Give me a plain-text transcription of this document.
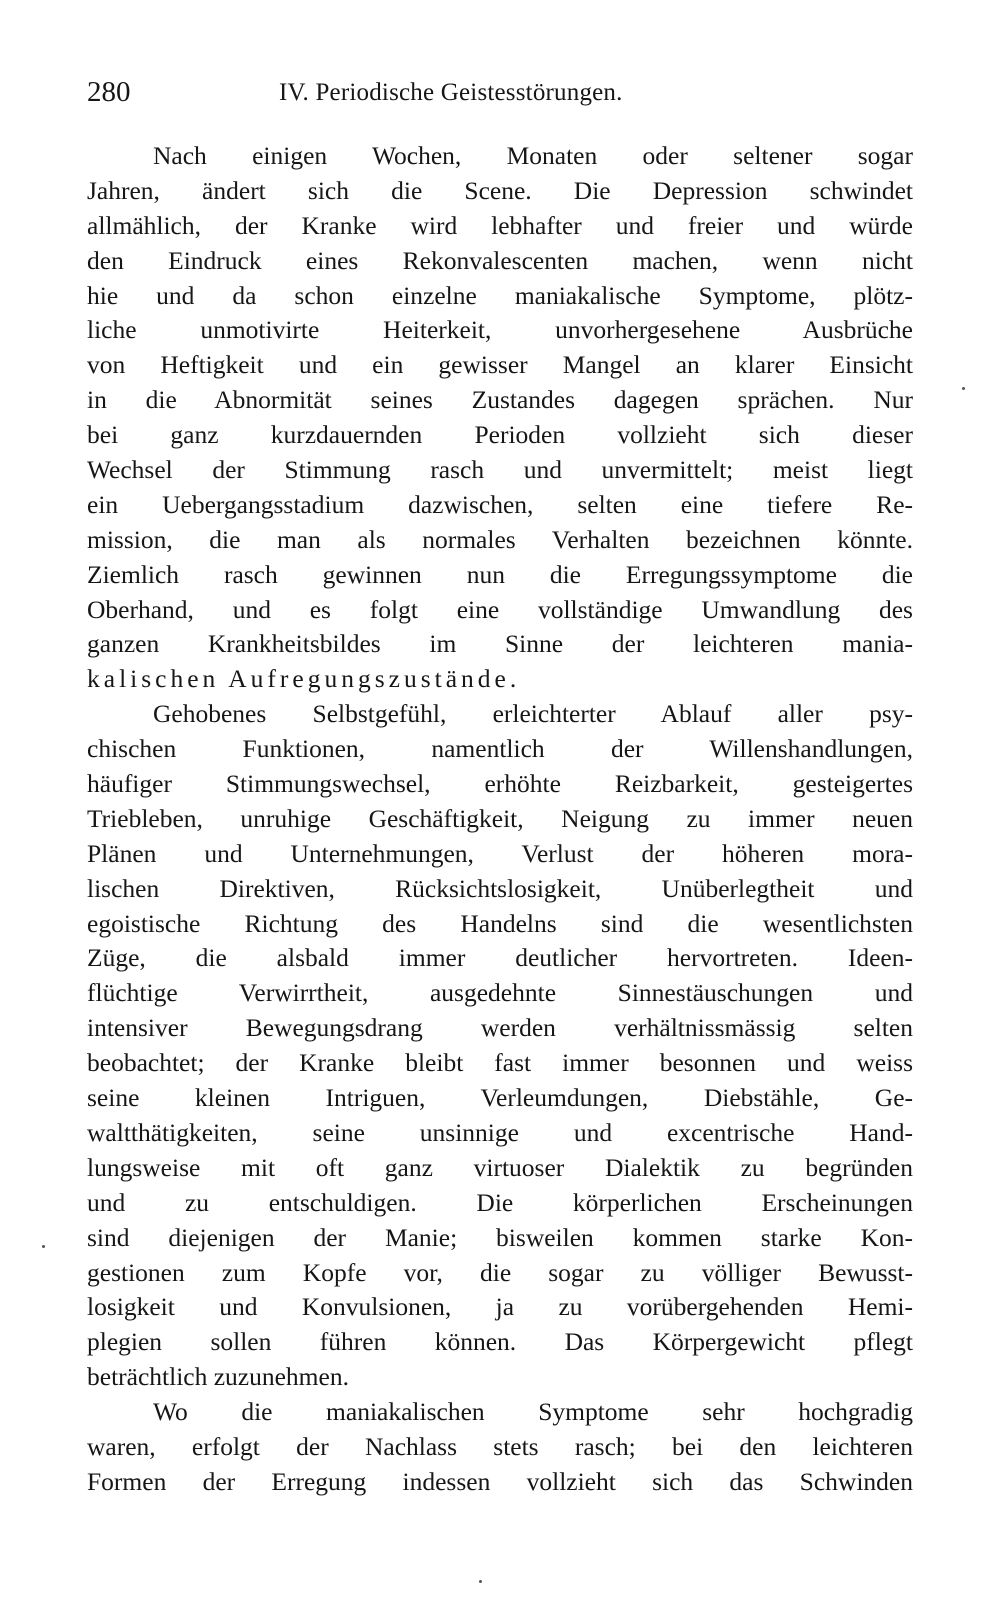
280	IV. Periodische Geistesstörungen.
Nach einigen Wochen, Monaten oder seltener sogar
Jahren, ändert sich die Scene. Die Depression schwindet
allmählich, der Kranke wird lebhafter und freier und würde
den Eindruck eines Rekonvalescenten machen, wenn nicht
hie und da schon einzelne maniakalische Symptome, plötz-
liche unmotivirte Heiterkeit, unvorhergesehene Ausbrüche
von Heftigkeit und ein gewisser Mangel an klarer Einsicht
in die Abnormität seines Zustandes dagegen sprächen. Nur
bei ganz kurzdauernden Perioden vollzieht sich dieser
Wechsel der Stimmung rasch und unvermittelt; meist liegt
ein Uebergangsstadium dazwischen, selten eine tiefere Re-
mission, die man als normales Verhalten bezeichnen könnte.
Ziemlich rasch gewinnen nun die Erregungssymptome die
Oberhand, und es folgt eine vollständige Umwandlung des
ganzen Krankheitsbildes im Sinne der leichteren mania-
kalischen Aufregungszustände.
Gehobenes Selbstgefühl, erleichterter Ablauf aller psy-
chischen Funktionen, namentlich der Willenshandlungen,
häufiger Stimmungswechsel, erhöhte Reizbarkeit, gesteigertes
Triebleben, unruhige Geschäftigkeit, Neigung zu immer neuen
Plänen und Unternehmungen, Verlust der höheren mora-
lischen Direktiven, Rücksichtslosigkeit, Unüberlegtheit und
egoistische Richtung des Handelns sind die wesentlichsten
Züge, die alsbald immer deutlicher hervortreten. Ideen-
flüchtige Verwirrtheit, ausgedehnte Sinnestäuschungen und
intensiver Bewegungsdrang werden verhältnissmässig selten
beobachtet; der Kranke bleibt fast immer besonnen und weiss
seine kleinen Intriguen, Verleumdungen, Diebstähle, Ge-
waltthätigkeiten, seine unsinnige und excentrische Hand-
lungsweise mit oft ganz virtuoser Dialektik zu begründen
und zu entschuldigen. Die körperlichen Erscheinungen
sind diejenigen der Manie; bisweilen kommen starke Kon-
gestionen zum Kopfe vor, die sogar zu völliger Bewusst-
losigkeit und Konvulsionen, ja zu vorübergehenden Hemi-
plegien sollen führen können. Das Körpergewicht pflegt
beträchtlich zuzunehmen.
Wo die maniakalischen Symptome sehr hochgradig
waren, erfolgt der Nachlass stets rasch; bei den leichteren
Formen der Erregung indessen vollzieht sich das Schwinden
